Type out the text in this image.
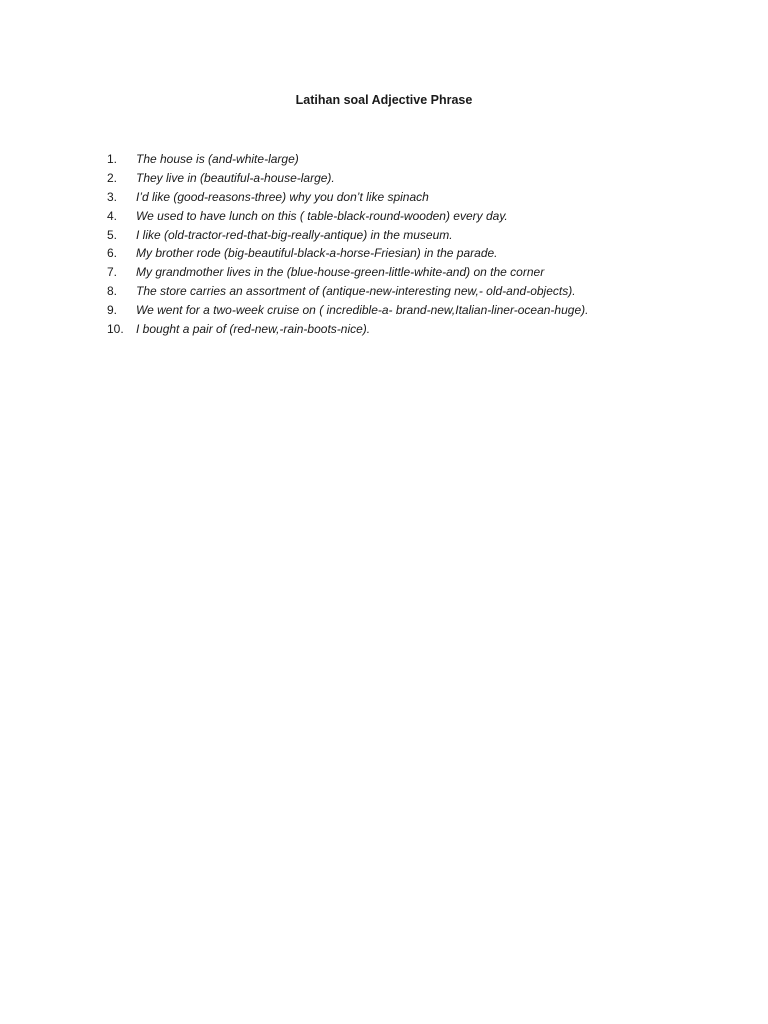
Latihan soal Adjective Phrase
1.	The house is (and-white-large)
2.	They live in (beautiful-a-house-large).
3.	I’d like (good-reasons-three) why you don’t like spinach
4.	We used to have lunch on this ( table-black-round-wooden) every day.
5.	I like (old-tractor-red-that-big-really-antique) in the museum.
6.	My brother rode (big-beautiful-black-a-horse-Friesian) in the parade.
7.	My grandmother lives in the (blue-house-green-little-white-and) on the corner
8.	The store carries an assortment of (antique-new-interesting new,- old-and-objects).
9.	We went for a two-week cruise on ( incredible-a- brand-new,Italian-liner-ocean-huge).
10.	I bought a pair of (red-new,-rain-boots-nice).
